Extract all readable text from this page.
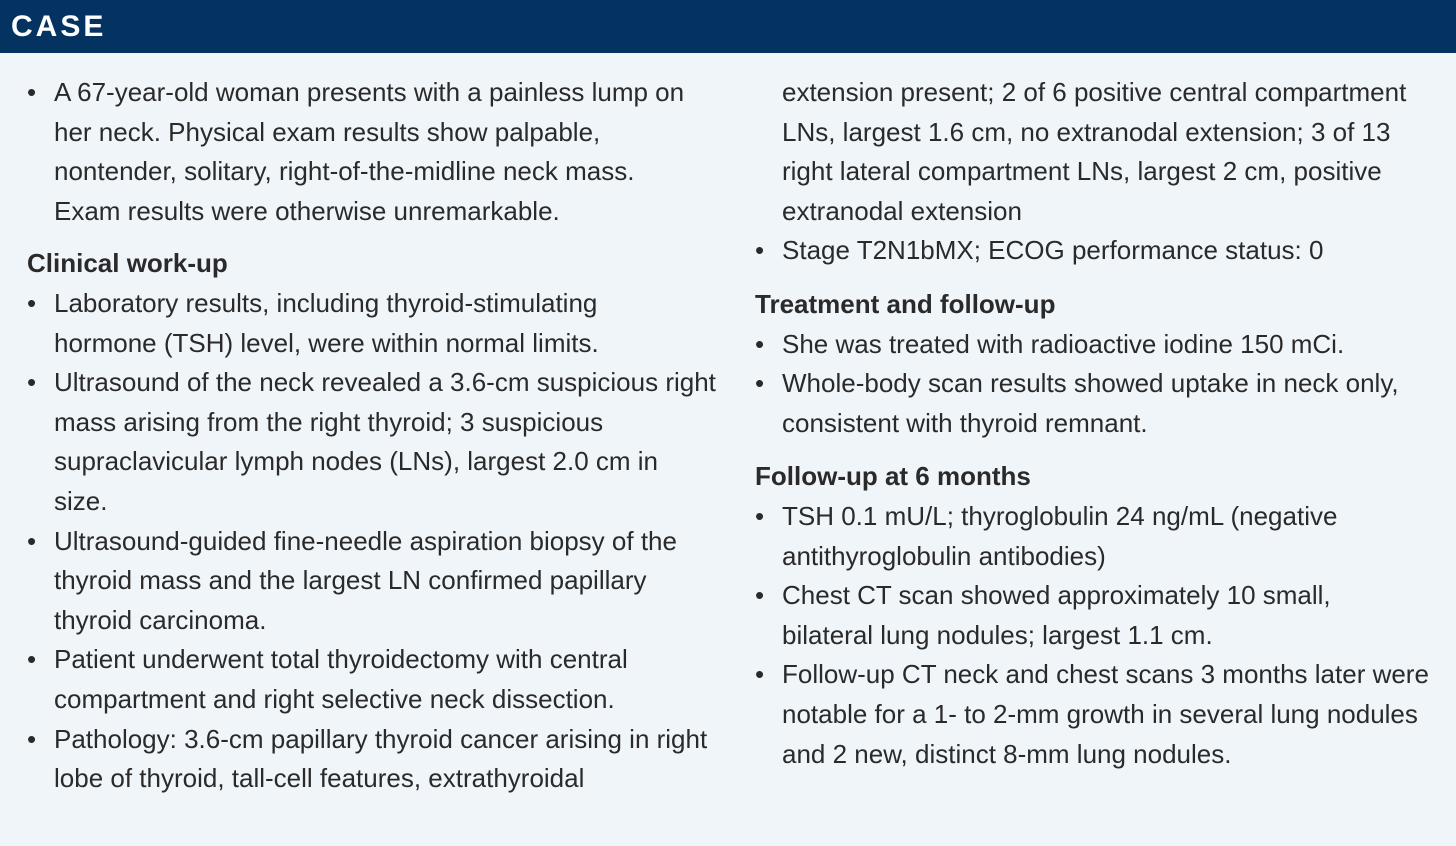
CASE
• A 67-year-old woman presents with a painless lump on her neck. Physical exam results show palpable, nontender, solitary, right-of-the-midline neck mass. Exam results were otherwise unremarkable.
Clinical work-up
• Laboratory results, including thyroid-stimulating hormone (TSH) level, were within normal limits.
• Ultrasound of the neck revealed a 3.6-cm suspicious right mass arising from the right thyroid; 3 suspicious supraclavicular lymph nodes (LNs), largest 2.0 cm in size.
• Ultrasound-guided fine-needle aspiration biopsy of the thyroid mass and the largest LN confirmed papillary thyroid carcinoma.
• Patient underwent total thyroidectomy with central compartment and right selective neck dissection.
• Pathology: 3.6-cm papillary thyroid cancer arising in right lobe of thyroid, tall-cell features, extrathyroidal
extension present; 2 of 6 positive central compartment LNs, largest 1.6 cm, no extranodal extension; 3 of 13 right lateral compartment LNs, largest 2 cm, positive extranodal extension
• Stage T2N1bMX; ECOG performance status: 0
Treatment and follow-up
• She was treated with radioactive iodine 150 mCi.
• Whole-body scan results showed uptake in neck only, consistent with thyroid remnant.
Follow-up at 6 months
• TSH 0.1 mU/L; thyroglobulin 24 ng/mL (negative antithyroglobulin antibodies)
• Chest CT scan showed approximately 10 small, bilateral lung nodules; largest 1.1 cm.
• Follow-up CT neck and chest scans 3 months later were notable for a 1- to 2-mm growth in several lung nodules and 2 new, distinct 8-mm lung nodules.
